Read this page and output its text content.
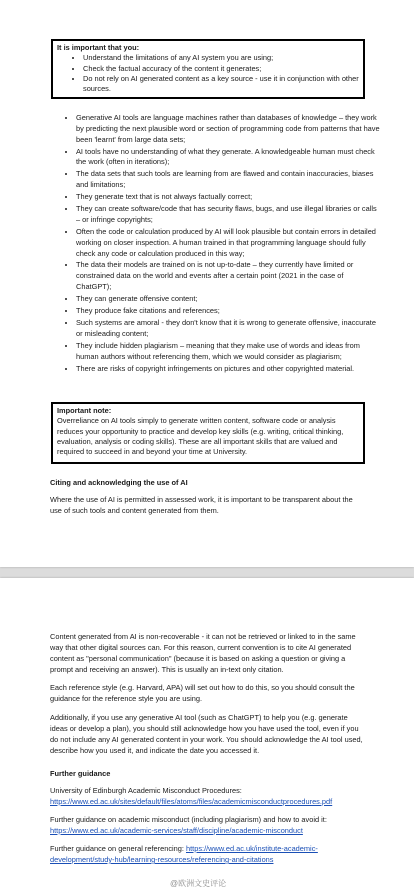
It is important that you:
• Understand the limitations of any AI system you are using;
• Check the factual accuracy of the content it generates;
• Do not rely on AI generated content as a key source - use it in conjunction with other sources.
• Generative AI tools are language machines rather than databases of knowledge – they work by predicting the next plausible word or section of programming code from patterns that have been 'learnt' from large data sets;
• AI tools have no understanding of what they generate. A knowledgeable human must check the work (often in iterations);
• The data sets that such tools are learning from are flawed and contain inaccuracies, biases and limitations;
• They generate text that is not always factually correct;
• They can create software/code that has security flaws, bugs, and use illegal libraries or calls – or infringe copyrights;
• Often the code or calculation produced by AI will look plausible but contain errors in detailed working on closer inspection. A human trained in that programming language should fully check any code or calculation produced in this way;
• The data their models are trained on is not up-to-date – they currently have limited or constrained data on the world and events after a certain point (2021 in the case of ChatGPT);
• They can generate offensive content;
• They produce fake citations and references;
• Such systems are amoral - they don't know that it is wrong to generate offensive, inaccurate or misleading content;
• They include hidden plagiarism – meaning that they make use of words and ideas from human authors without referencing them, which we would consider as plagiarism;
• There are risks of copyright infringements on pictures and other copyrighted material.
Important note:
Overreliance on AI tools simply to generate written content, software code or analysis reduces your opportunity to practice and develop key skills (e.g. writing, critical thinking, evaluation, analysis or coding skills). These are all important skills that are valued and required to succeed in and beyond your time at University.
Citing and acknowledging the use of AI

Where the use of AI is permitted in assessed work, it is important to be transparent about the use of such tools and content generated from them.

Content generated from AI is non-recoverable - it can not be retrieved or linked to in the same way that other digital sources can. For this reason, current convention is to cite AI generated content as "personal communication" (because it is based on asking a question or giving a prompt and receiving an answer). This is usually an in-text only citation.

Each reference style (e.g. Harvard, APA) will set out how to do this, so you should consult the guidance for the reference style you are using.

Additionally, if you use any generative AI tool (such as ChatGPT) to help you (e.g. generate ideas or develop a plan), you should still acknowledge how you have used the tool, even if you do not include any AI generated content in your work. You should acknowledge the AI tool used, describe how you used it, and indicate the date you accessed it.

Further guidance

University of Edinburgh Academic Misconduct Procedures:
https://www.ed.ac.uk/sites/default/files/atoms/files/academicmisconductprocedures.pdf

Further guidance on academic misconduct (including plagiarism) and how to avoid it:
https://www.ed.ac.uk/academic-services/staff/discipline/academic-misconduct

Further guidance on general referencing: https://www.ed.ac.uk/institute-academic-development/study-hub/learning-resources/referencing-and-citations

@欧洲文史评论
